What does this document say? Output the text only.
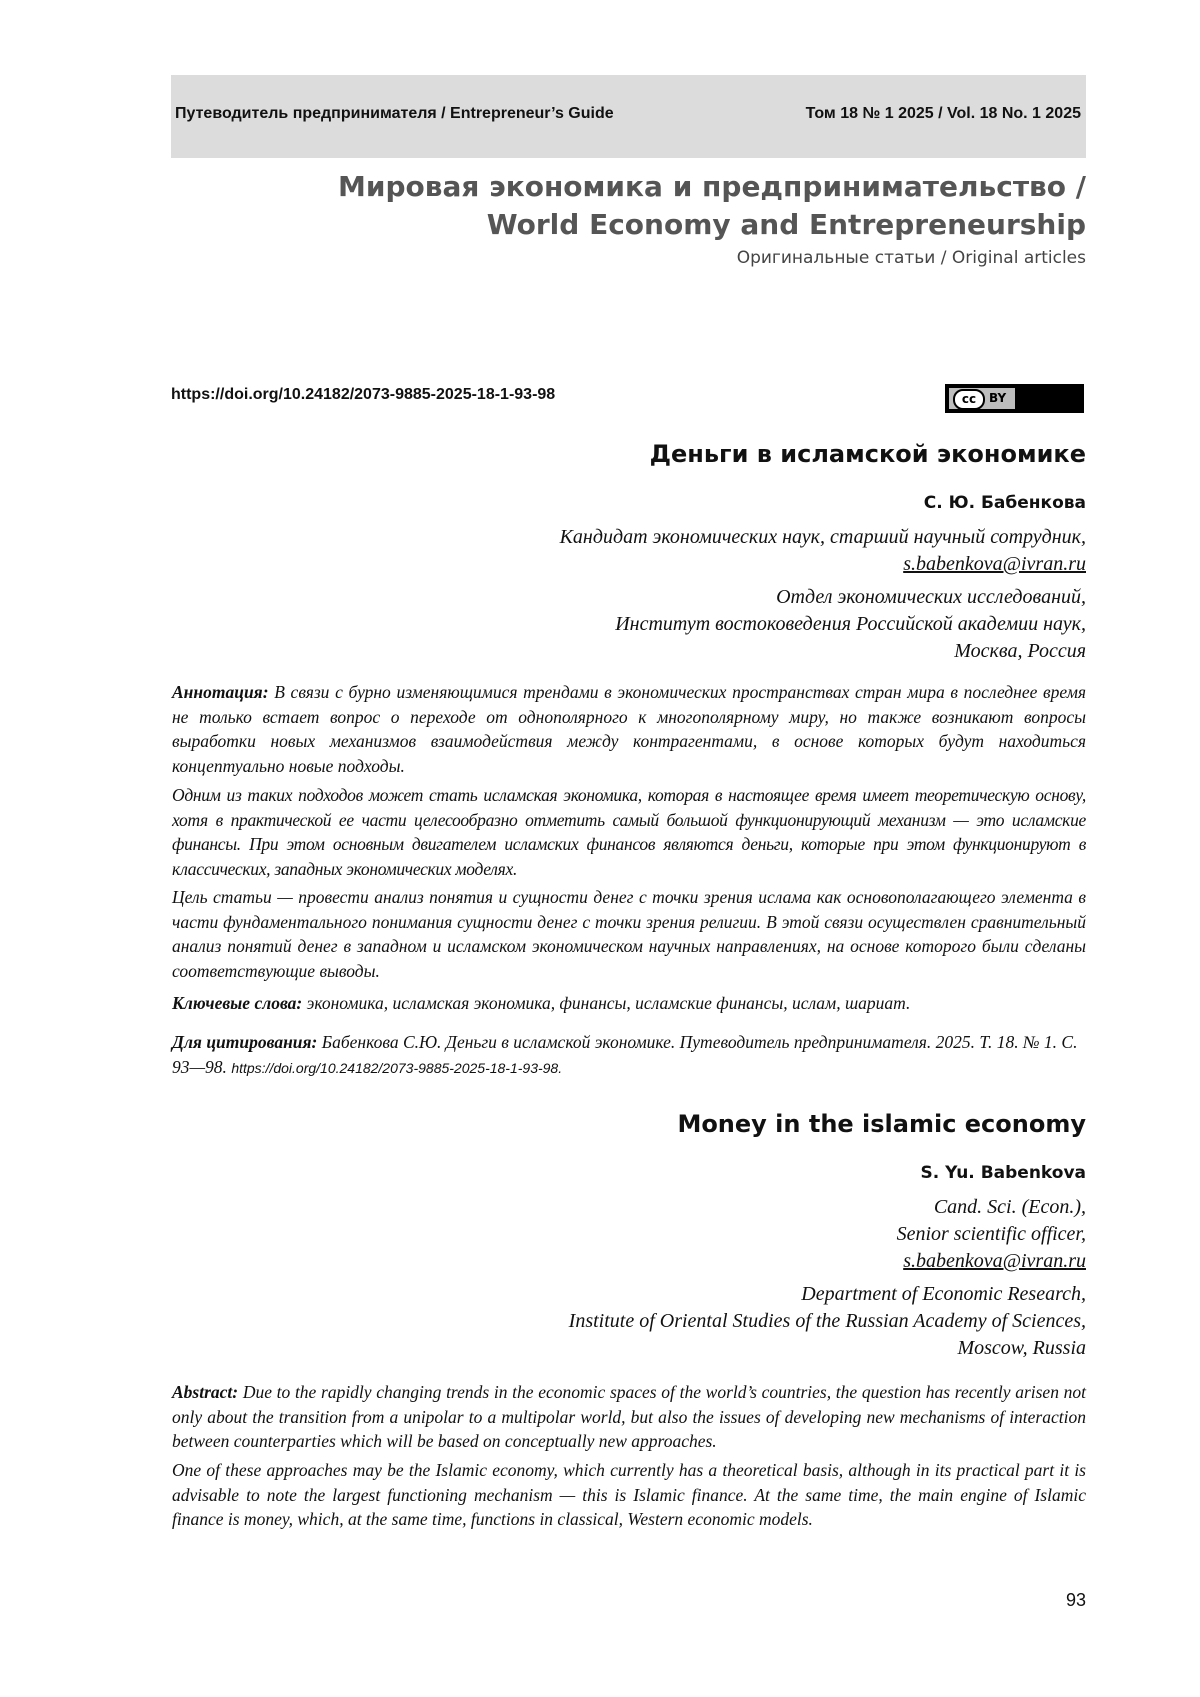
Путеводитель предпринимателя / Entrepreneur’s Guide	Том 18 № 1 2025 / Vol. 18 No. 1 2025
Мировая экономика и предпринимательство /
World Economy and Entrepreneurship
Оригинальные статьи / Original articles
https://doi.org/10.24182/2073-9885-2025-18-1-93-98	cc	BY
Деньги в исламской экономике
С. Ю. Бабенкова
Кандидат экономических наук, старший научный сотрудник,
s.babenkova@ivran.ru
Отдел экономических исследований,
Институт востоковедения Российской академии наук,
Москва, Россия
Аннотация: В связи с бурно изменяющимися трендами в экономических пространствах стран мира в последнее время не только встает вопрос о переходе от однополярного к многополярному миру, но также возникают вопросы выработки новых механизмов взаимодействия между контрагентами, в основе которых будут находиться концептуально новые подходы.
Одним из таких подходов может стать исламская экономика, которая в настоящее время имеет теоретическую основу, хотя в практической ее части целесообразно отметить самый большой функционирующий механизм — это исламские финансы. При этом основным двигателем исламских финансов являются деньги, которые при этом функционируют в классических, западных экономических моделях.
Цель статьи — провести анализ понятия и сущности денег с точки зрения ислама как основополагающего элемента в части фундаментального понимания сущности денег с точки зрения религии. В этой связи осуществлен сравнительный анализ понятий денег в западном и исламском экономическом научных направлениях, на основе которого были сделаны соответствующие выводы.
Ключевые слова: экономика, исламская экономика, финансы, исламские финансы, ислам, шариат.
Для цитирования: Бабенкова С.Ю. Деньги в исламской экономике. Путеводитель предпринимателя. 2025. Т. 18. № 1. С. 93—98. https://doi.org/10.24182/2073-9885-2025-18-1-93-98.
Money in the islamic economy
S. Yu. Babenkova
Cand. Sci. (Econ.),
Senior scientific officer,
s.babenkova@ivran.ru
Department of Economic Research,
Institute of Oriental Studies of the Russian Academy of Sciences,
Moscow, Russia
Abstract: Due to the rapidly changing trends in the economic spaces of the world’s countries, the question has recently arisen not only about the transition from a unipolar to a multipolar world, but also the issues of developing new mechanisms of interaction between counterparties which will be based on conceptually new approaches.
One of these approaches may be the Islamic economy, which currently has a theoretical basis, although in its practical part it is advisable to note the largest functioning mechanism — this is Islamic finance. At the same time, the main engine of Islamic finance is money, which, at the same time, functions in classical, Western economic models.
93
